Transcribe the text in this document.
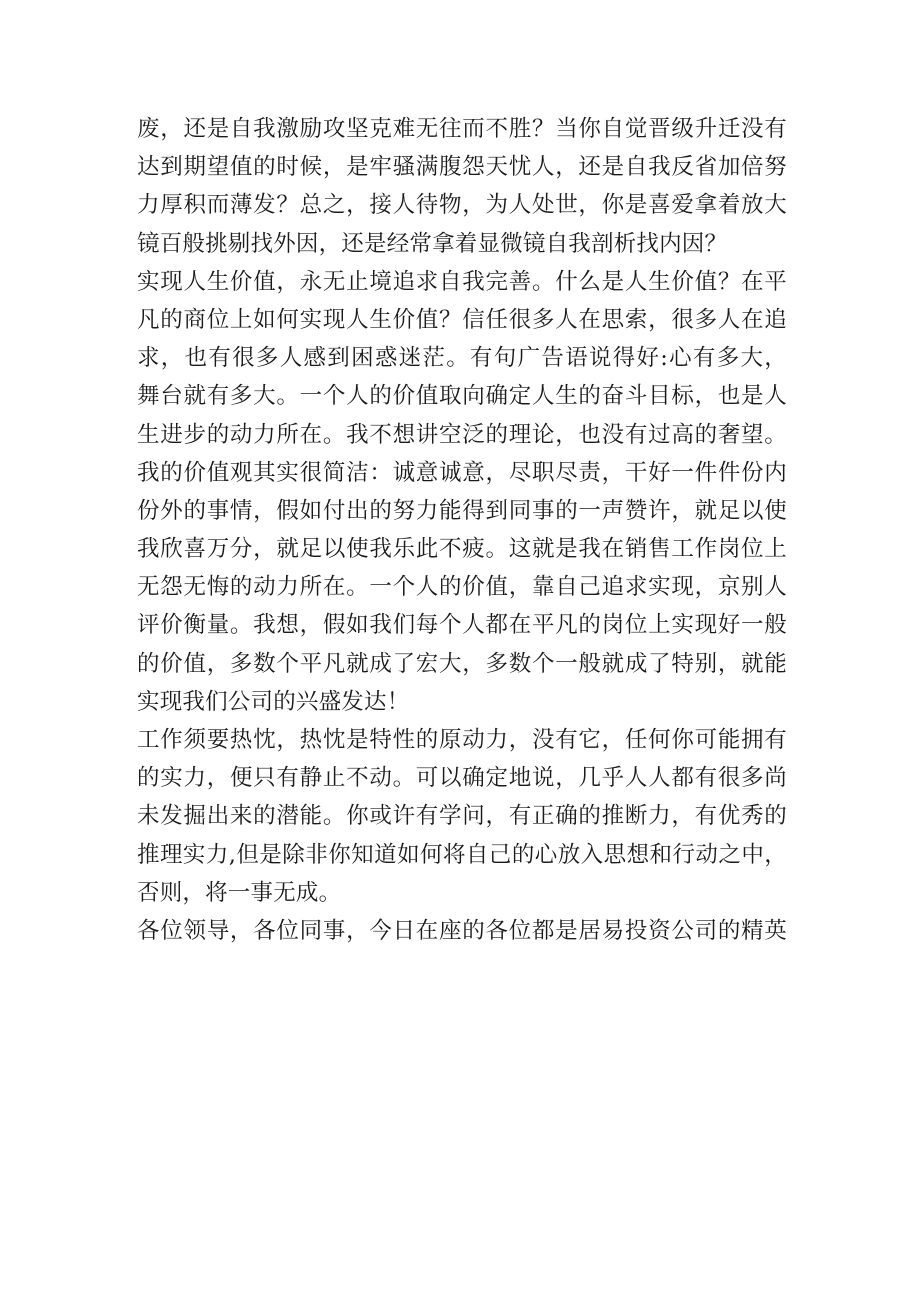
废，还是自我激励攻坚克难无往而不胜？当你自觉晋级升迁没有
达到期望值的时候，是牢骚满腹怨天忧人，还是自我反省加倍努
力厚积而薄发？总之，接人待物，为人处世，你是喜爱拿着放大
镜百般挑剔找外因，还是经常拿着显微镜自我剖析找内因？
实现人生价值，永无止境追求自我完善。什么是人生价值？在平
凡的商位上如何实现人生价值？信任很多人在思索，很多人在追
求，也有很多人感到困惑迷茫。有句广告语说得好:心有多大，
舞台就有多大。一个人的价值取向确定人生的奋斗目标，也是人
生进步的动力所在。我不想讲空泛的理论，也没有过高的奢望。
我的价值观其实很简洁：诚意诚意，尽职尽责，干好一件件份内
份外的事情，假如付出的努力能得到同事的一声赞许，就足以使
我欣喜万分，就足以使我乐此不疲。这就是我在销售工作岗位上
无怨无悔的动力所在。一个人的价值，靠自己追求实现，京别人
评价衡量。我想，假如我们每个人都在平凡的岗位上实现好一般
的价值，多数个平凡就成了宏大，多数个一般就成了特别，就能
实现我们公司的兴盛发达！
工作须要热忱，热忱是特性的原动力，没有它，任何你可能拥有
的实力，便只有静止不动。可以确定地说，几乎人人都有很多尚
未发掘出来的潜能。你或许有学问，有正确的推断力，有优秀的
推理实力,但是除非你知道如何将自己的心放入思想和行动之中，
否则，将一事无成。
各位领导，各位同事，今日在座的各位都是居易投资公司的精英
